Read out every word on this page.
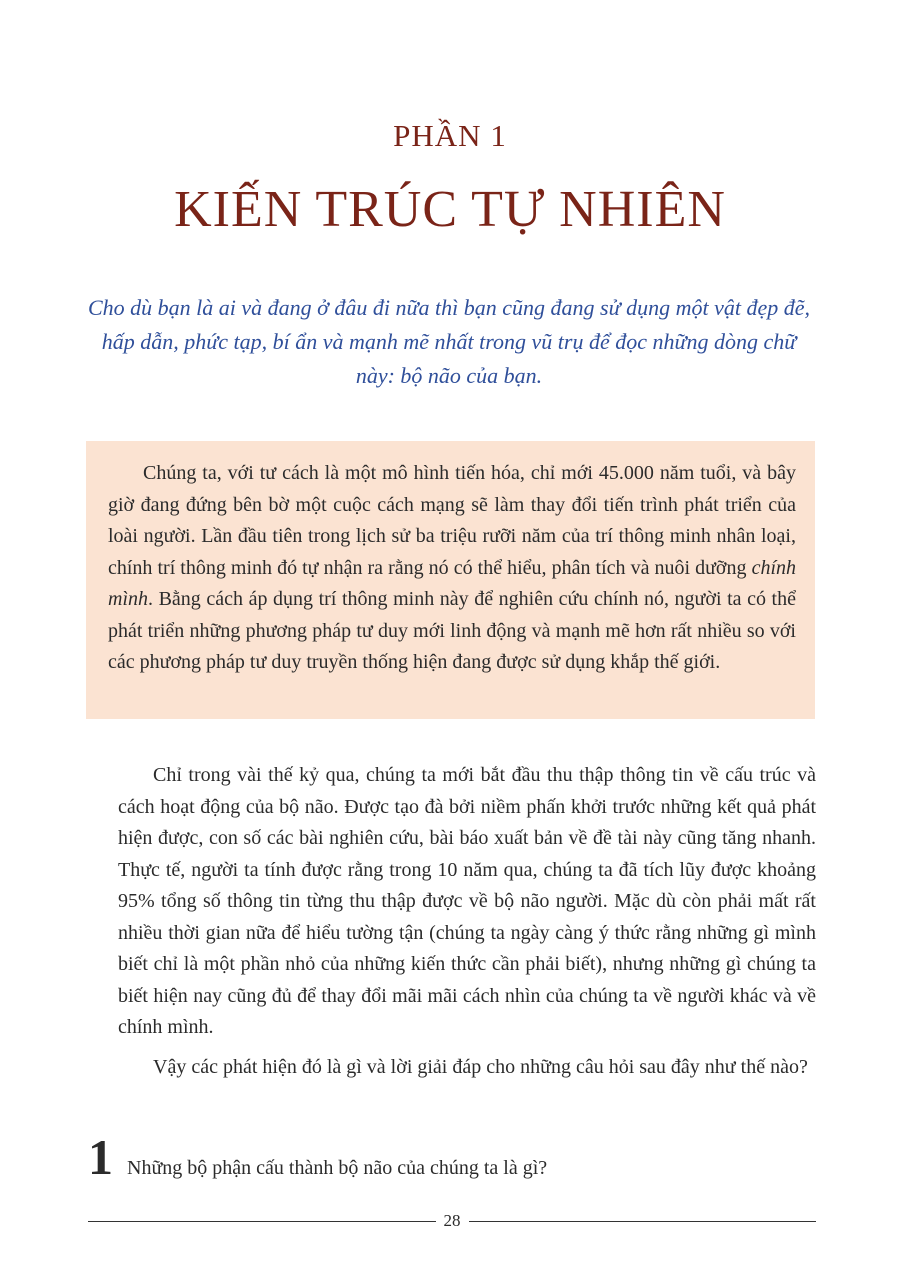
PHẦN 1
KIẾN TRÚC TỰ NHIÊN

Cho dù bạn là ai và đang ở đâu đi nữa thì bạn cũng đang sử dụng một vật đẹp đẽ, hấp dẫn, phức tạp, bí ẩn và mạnh mẽ nhất trong vũ trụ để đọc những dòng chữ này: bộ não của bạn.

Chúng ta, với tư cách là một mô hình tiến hóa, chỉ mới 45.000 năm tuổi, và bây giờ đang đứng bên bờ một cuộc cách mạng sẽ làm thay đổi tiến trình phát triển của loài người. Lần đầu tiên trong lịch sử ba triệu rưỡi năm của trí thông minh nhân loại, chính trí thông minh đó tự nhận ra rằng nó có thể hiểu, phân tích và nuôi dưỡng chính mình. Bằng cách áp dụng trí thông minh này để nghiên cứu chính nó, người ta có thể phát triển những phương pháp tư duy mới linh động và mạnh mẽ hơn rất nhiều so với các phương pháp tư duy truyền thống hiện đang được sử dụng khắp thế giới.

Chỉ trong vài thế kỷ qua, chúng ta mới bắt đầu thu thập thông tin về cấu trúc và cách hoạt động của bộ não. Được tạo đà bởi niềm phấn khởi trước những kết quả phát hiện được, con số các bài nghiên cứu, bài báo xuất bản về đề tài này cũng tăng nhanh. Thực tế, người ta tính được rằng trong 10 năm qua, chúng ta đã tích lũy được khoảng 95% tổng số thông tin từng thu thập được về bộ não người. Mặc dù còn phải mất rất nhiều thời gian nữa để hiểu tường tận (chúng ta ngày càng ý thức rằng những gì mình biết chỉ là một phần nhỏ của những kiến thức cần phải biết), nhưng những gì chúng ta biết hiện nay cũng đủ để thay đổi mãi mãi cách nhìn của chúng ta về người khác và về chính mình.

Vậy các phát hiện đó là gì và lời giải đáp cho những câu hỏi sau đây như thế nào?

1 Những bộ phận cấu thành bộ não của chúng ta là gì?
28
